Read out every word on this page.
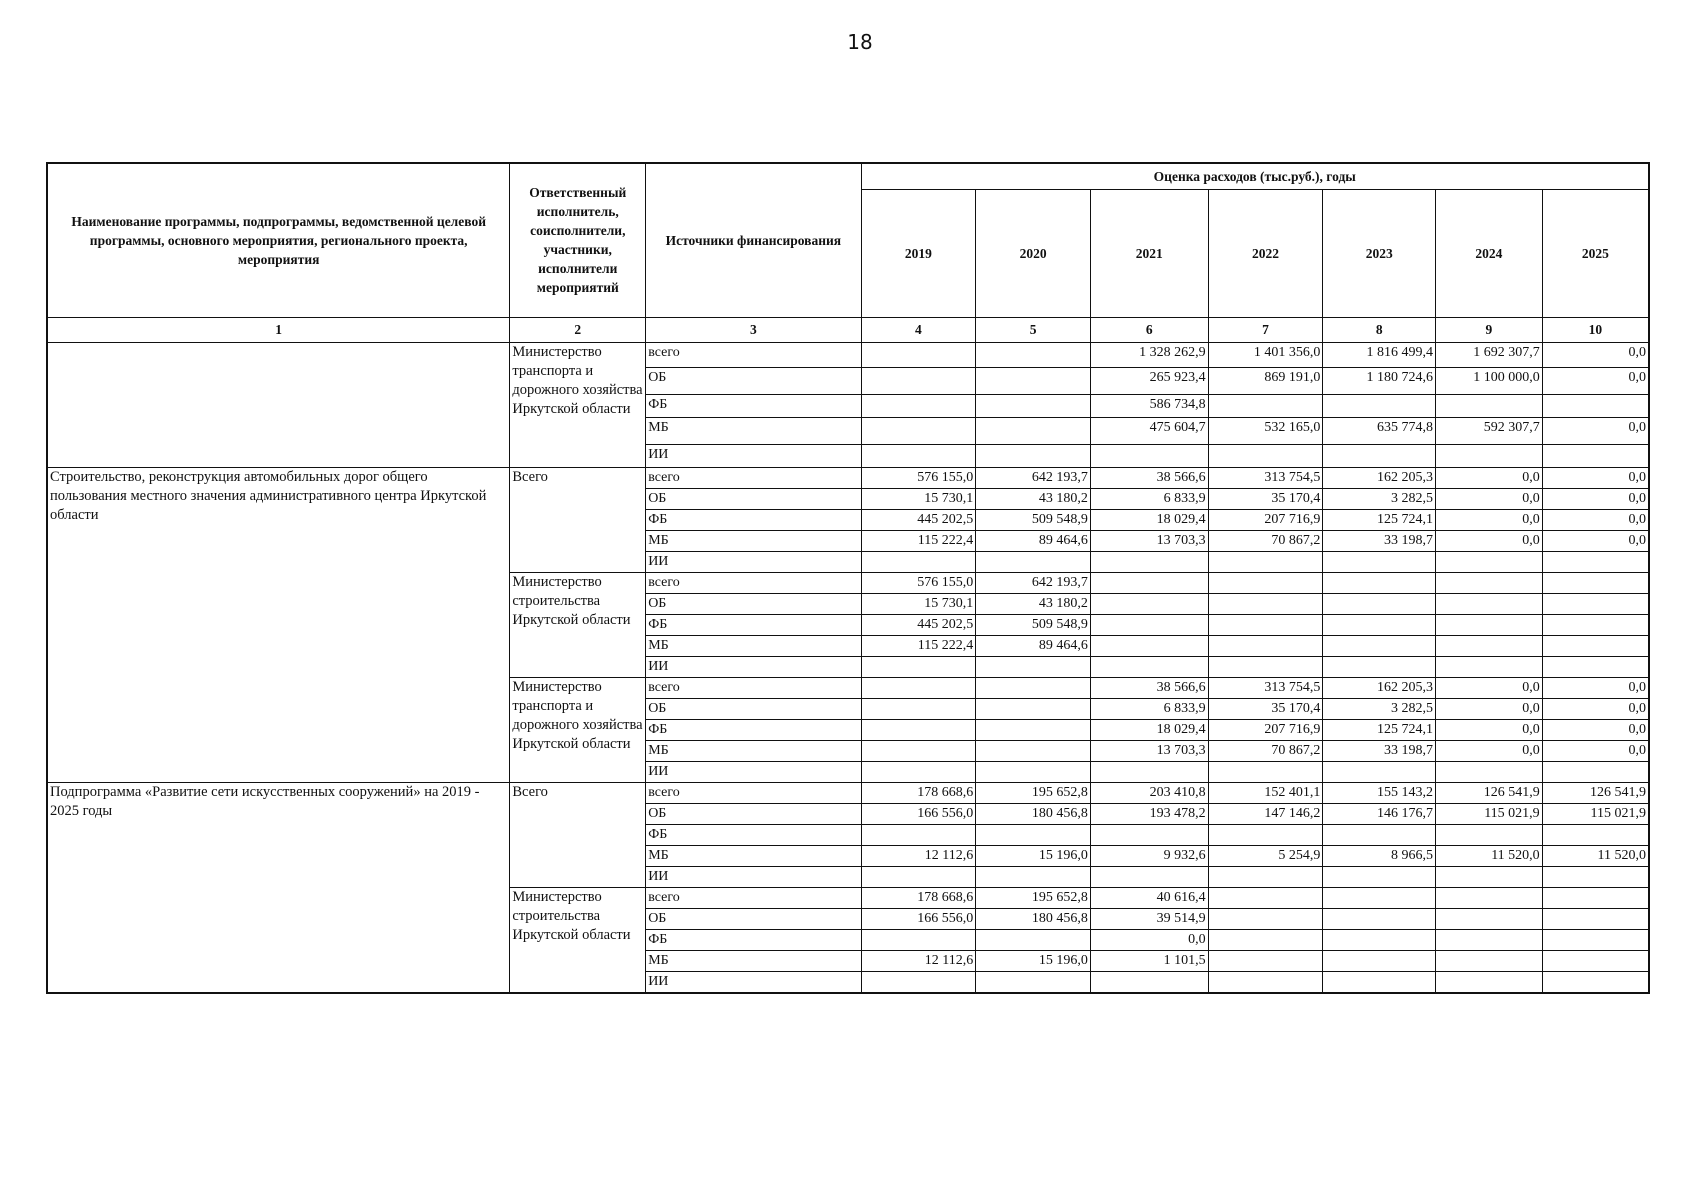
18
Наименование программы, подпрограммы, ведомственной целевой программы, основного мероприятия, регионального проекта, мероприятия	Ответственный исполнитель, соисполнители, участники, исполнители мероприятий	Источники финансирования	Оценка расходов (тыс.руб.), годы						
			2019	2020	2021	2022	2023	2024	2025
1	2	3	4	5	6	7	8	9	10
	Министерство транспорта и дорожного хозяйства Иркутской области	всего			1 328 262,9	1 401 356,0	1 816 499,4	1 692 307,7	0,0
		ОБ			265 923,4	869 191,0	1 180 724,6	1 100 000,0	0,0
		ФБ			586 734,8				
		МБ			475 604,7	532 165,0	635 774,8	592 307,7	0,0
		ИИ							
Строительство, реконструкция автомобильных дорог общего пользования местного значения административного центра Иркутской области	Всего	всего	576 155,0	642 193,7	38 566,6	313 754,5	162 205,3	0,0	0,0
		ОБ	15 730,1	43 180,2	6 833,9	35 170,4	3 282,5	0,0	0,0
		ФБ	445 202,5	509 548,9	18 029,4	207 716,9	125 724,1	0,0	0,0
		МБ	115 222,4	89 464,6	13 703,3	70 867,2	33 198,7	0,0	0,0
		ИИ							
	Министерство строительства Иркутской области	всего	576 155,0	642 193,7					
		ОБ	15 730,1	43 180,2					
		ФБ	445 202,5	509 548,9					
		МБ	115 222,4	89 464,6					
		ИИ							
	Министерство транспорта и дорожного хозяйства Иркутской области	всего			38 566,6	313 754,5	162 205,3	0,0	0,0
		ОБ			6 833,9	35 170,4	3 282,5	0,0	0,0
		ФБ			18 029,4	207 716,9	125 724,1	0,0	0,0
		МБ			13 703,3	70 867,2	33 198,7	0,0	0,0
		ИИ							
Подпрограмма «Развитие сети искусственных сооружений» на 2019 - 2025 годы	Всего	всего	178 668,6	195 652,8	203 410,8	152 401,1	155 143,2	126 541,9	126 541,9
		ОБ	166 556,0	180 456,8	193 478,2	147 146,2	146 176,7	115 021,9	115 021,9
		ФБ							
		МБ	12 112,6	15 196,0	9 932,6	5 254,9	8 966,5	11 520,0	11 520,0
		ИИ							
	Министерство строительства Иркутской области	всего	178 668,6	195 652,8	40 616,4				
		ОБ	166 556,0	180 456,8	39 514,9				
		ФБ			0,0				
		МБ	12 112,6	15 196,0	1 101,5				
		ИИ							
